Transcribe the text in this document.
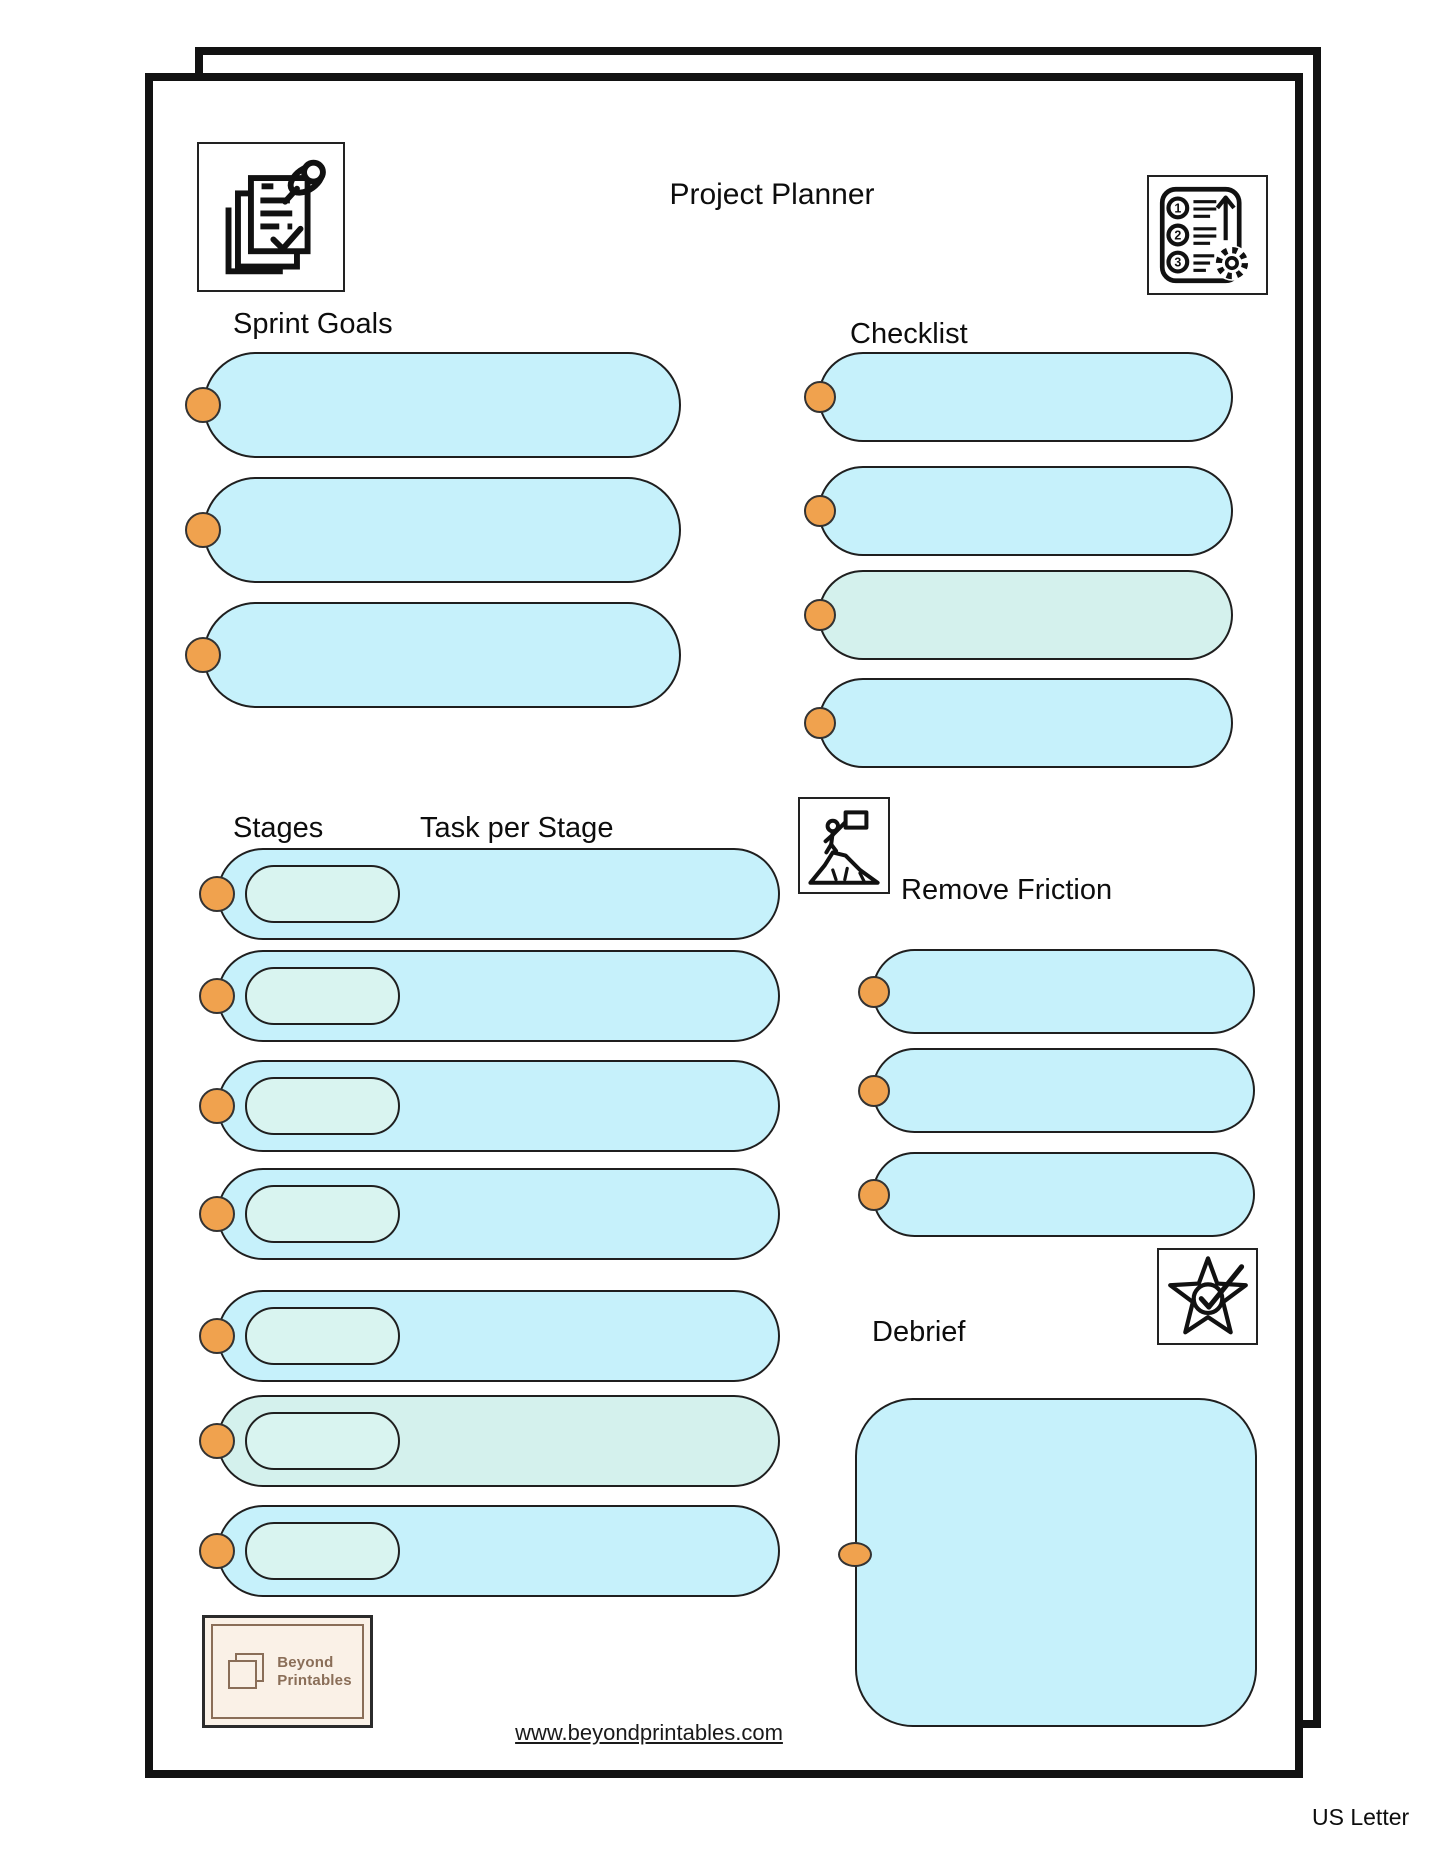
Project Planner	1
2
3
Sprint Goals	Checklist
Stages	Task per Stage
Remove Friction
Debrief
Beyond
Printables
www.beyondprintables.com
US Letter
